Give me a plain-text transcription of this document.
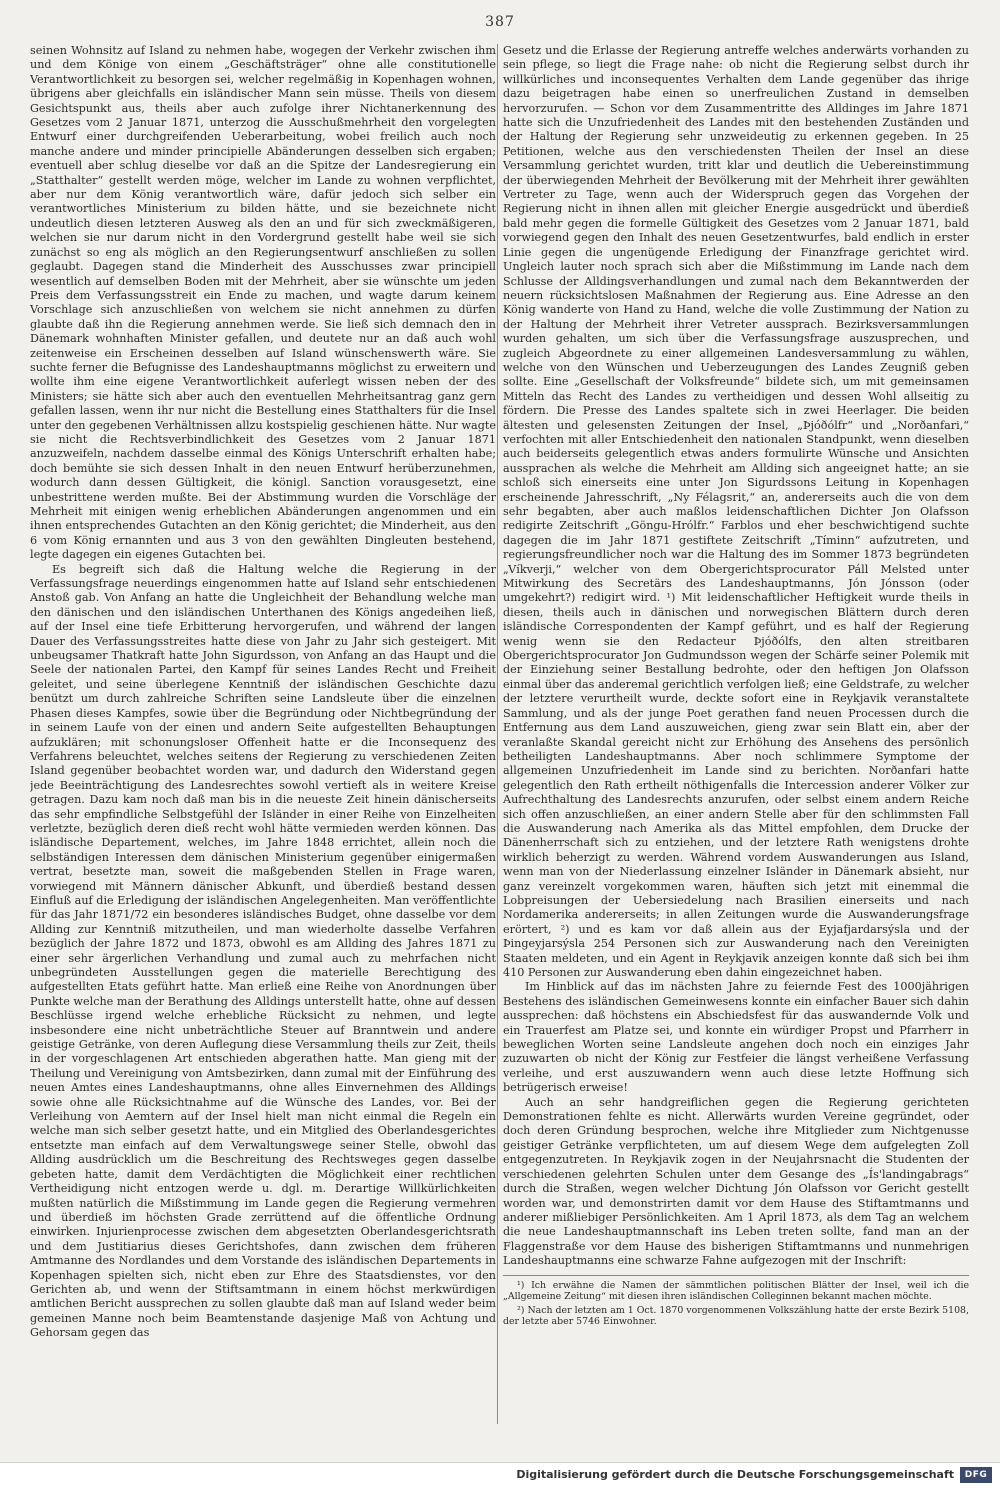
387

seinen Wohnsitz auf Island zu nehmen habe, wogegen der Verkehr zwischen ihm und dem Könige von einem „Geschäftsträger“ ohne alle constitutionelle Verantwortlichkeit zu besorgen sei, welcher regelmäßig in Kopenhagen wohnen, übrigens aber gleichfalls ein isländischer Mann sein müsse. Theils von diesem Gesichtspunkt aus, theils aber auch zufolge ihrer Nichtanerkennung des Gesetzes vom 2 Januar 1871, unterzog die Ausschußmehrheit den vorgelegten Entwurf einer durchgreifenden Ueberarbeitung, wobei freilich auch noch manche andere und minder principielle Abänderungen desselben sich ergaben; eventuell aber schlug dieselbe vor daß an die Spitze der Landesregierung ein „Statthalter“ gestellt werden möge, welcher im Lande zu wohnen verpflichtet, aber nur dem König verantwortlich wäre, dafür jedoch sich selber ein verantwortliches Ministerium zu bilden hätte, und sie bezeichnete nicht undeutlich diesen letzteren Ausweg als den an und für sich zweckmäßigeren, welchen sie nur darum nicht in den Vordergrund gestellt habe weil sie sich zunächst so eng als möglich an den Regierungsentwurf anschließen zu sollen geglaubt. Dagegen stand die Minderheit des Ausschusses zwar principiell wesentlich auf demselben Boden mit der Mehrheit, aber sie wünschte um jeden Preis dem Verfassungsstreit ein Ende zu machen, und wagte darum keinem Vorschlage sich anzuschließen von welchem sie nicht annehmen zu dürfen glaubte daß ihn die Regierung annehmen werde. Sie ließ sich demnach den in Dänemark wohnhaften Minister gefallen, und deutete nur an daß auch wohl zeitenweise ein Erscheinen desselben auf Island wünschenswerth wäre. Sie suchte ferner die Befugnisse des Landeshauptmanns möglichst zu erweitern und wollte ihm eine eigene Verantwortlichkeit auferlegt wissen neben der des Ministers; sie hätte sich aber auch den eventuellen Mehrheitsantrag ganz gern gefallen lassen, wenn ihr nur nicht die Bestellung eines Statthalters für die Insel unter den gegebenen Verhältnissen allzu kostspielig geschienen hätte. Nur wagte sie nicht die Rechtsverbindlichkeit des Gesetzes vom 2 Januar 1871 anzuzweifeln, nachdem dasselbe einmal des Königs Unterschrift erhalten habe; doch bemühte sie sich dessen Inhalt in den neuen Entwurf herüberzunehmen, wodurch dann dessen Gültigkeit, die königl. Sanction vorausgesetzt, eine unbestrittene werden mußte. Bei der Abstimmung wurden die Vorschläge der Mehrheit mit einigen wenig erheblichen Abänderungen angenommen und ein ihnen entsprechendes Gutachten an den König gerichtet; die Minderheit, aus den 6 vom König ernannten und aus 3 von den gewählten Dingleuten bestehend, legte dagegen ein eigenes Gutachten bei.

Es begreift sich daß die Haltung welche die Regierung in der Verfassungsfrage neuerdings eingenommen hatte auf Island sehr entschiedenen Anstoß gab. Von Anfang an hatte die Ungleichheit der Behandlung welche man den dänischen und den isländischen Unterthanen des Königs angedeihen ließ, auf der Insel eine tiefe Erbitterung hervorgerufen, und während der langen Dauer des Verfassungsstreites hatte diese von Jahr zu Jahr sich gesteigert. Mit unbeugsamer Thatkraft hatte John Sigurdsson, von Anfang an das Haupt und die Seele der nationalen Partei, den Kampf für seines Landes Recht und Freiheit geleitet, und seine überlegene Kenntniß der isländischen Geschichte dazu benützt um durch zahlreiche Schriften seine Landsleute über die einzelnen Phasen dieses Kampfes, sowie über die Begründung oder Nichtbegründung der in seinem Laufe von der einen und andern Seite aufgestellten Behauptungen aufzuklären; mit schonungsloser Offenheit hatte er die Inconsequenz des Verfahrens beleuchtet, welches seitens der Regierung zu verschiedenen Zeiten Island gegenüber beobachtet worden war, und dadurch den Widerstand gegen jede Beeinträchtigung des Landesrechtes sowohl vertieft als in weitere Kreise getragen. Dazu kam noch daß man bis in die neueste Zeit hinein dänischerseits das sehr empfindliche Selbstgefühl der Isländer in einer Reihe von Einzelheiten verletzte, bezüglich deren dieß recht wohl hätte vermieden werden können. Das isländische Departement, welches, im Jahre 1848 errichtet, allein noch die selbständigen Interessen dem dänischen Ministerium gegenüber einigermaßen vertrat, besetzte man, soweit die maßgebenden Stellen in Frage waren, vorwiegend mit Männern dänischer Abkunft, und überdieß bestand dessen Einfluß auf die Erledigung der isländischen Angelegenheiten. Man veröffentlichte für das Jahr 1871/72 ein besonderes isländisches Budget, ohne dasselbe vor dem Allding zur Kenntniß mitzutheilen, und man wiederholte dasselbe Verfahren bezüglich der Jahre 1872 und 1873, obwohl es am Allding des Jahres 1871 zu einer sehr ärgerlichen Verhandlung und zumal auch zu mehrfachen nicht unbegründeten Ausstellungen gegen die materielle Berechtigung des aufgestellten Etats geführt hatte. Man erließ eine Reihe von Anordnungen über Punkte welche man der Berathung des Alldings unterstellt hatte, ohne auf dessen Beschlüsse irgend welche erhebliche Rücksicht zu nehmen, und legte insbesondere eine nicht unbeträchtliche Steuer auf Branntwein und andere geistige Getränke, von deren Auflegung diese Versammlung theils zur Zeit, theils in der vorgeschlagenen Art entschieden abgerathen hatte. Man gieng mit der Theilung und Vereinigung von Amtsbezirken, dann zumal mit der Einführung des neuen Amtes eines Landeshauptmanns, ohne alles Einvernehmen des Alldings sowie ohne alle Rücksichtnahme auf die Wünsche des Landes, vor. Bei der Verleihung von Aemtern auf der Insel hielt man nicht einmal die Regeln ein welche man sich selber gesetzt hatte, und ein Mitglied des Oberlandesgerichtes entsetzte man einfach auf dem Verwaltungswege seiner Stelle, obwohl das Allding ausdrücklich um die Beschreitung des Rechtsweges gegen dasselbe gebeten hatte, damit dem Verdächtigten die Möglichkeit einer rechtlichen Vertheidigung nicht entzogen werde u. dgl. m. Derartige Willkürlichkeiten mußten natürlich die Mißstimmung im Lande gegen die Regierung vermehren und überdieß im höchsten Grade zerrüttend auf die öffentliche Ordnung einwirken. Injurienprocesse zwischen dem abgesetzten Oberlandesgerichtsrath und dem Justitiarius dieses Gerichtshofes, dann zwischen dem früheren Amtmanne des Nordlandes und dem Vorstande des isländischen Departements in Kopenhagen spielten sich, nicht eben zur Ehre des Staatsdienstes, vor den Gerichten ab, und wenn der Stiftsamtmann in einem höchst merkwürdigen amtlichen Bericht aussprechen zu sollen glaubte daß man auf Island weder beim gemeinen Manne noch beim Beamtenstande dasjenige Maß von Achtung und Gehorsam gegen das

Gesetz und die Erlasse der Regierung antreffe welches anderwärts vorhanden zu sein pflege, so liegt die Frage nahe: ob nicht die Regierung selbst durch ihr willkürliches und inconsequentes Verhalten dem Lande gegenüber das ihrige dazu beigetragen habe einen so unerfreulichen Zustand in demselben hervorzurufen. — Schon vor dem Zusammentritte des Alldinges im Jahre 1871 hatte sich die Unzufriedenheit des Landes mit den bestehenden Zuständen und der Haltung der Regierung sehr unzweideutig zu erkennen gegeben. In 25 Petitionen, welche aus den verschiedensten Theilen der Insel an diese Versammlung gerichtet wurden, tritt klar und deutlich die Uebereinstimmung der überwiegenden Mehrheit der Bevölkerung mit der Mehrheit ihrer gewählten Vertreter zu Tage, wenn auch der Widerspruch gegen das Vorgehen der Regierung nicht in ihnen allen mit gleicher Energie ausgedrückt und überdieß bald mehr gegen die formelle Gültigkeit des Gesetzes vom 2 Januar 1871, bald vorwiegend gegen den Inhalt des neuen Gesetzentwurfes, bald endlich in erster Linie gegen die ungenügende Erledigung der Finanzfrage gerichtet wird. Ungleich lauter noch sprach sich aber die Mißstimmung im Lande nach dem Schlusse der Alldingsverhandlungen und zumal nach dem Bekanntwerden der neuern rücksichtslosen Maßnahmen der Regierung aus. Eine Adresse an den König wanderte von Hand zu Hand, welche die volle Zustimmung der Nation zu der Haltung der Mehrheit ihrer Vetreter aussprach. Bezirksversammlungen wurden gehalten, um sich über die Verfassungsfrage auszusprechen, und zugleich Abgeordnete zu einer allgemeinen Landesversammlung zu wählen, welche von den Wünschen und Ueberzeugungen des Landes Zeugniß geben sollte. Eine „Gesellschaft der Volksfreunde“ bildete sich, um mit gemeinsamen Mitteln das Recht des Landes zu vertheidigen und dessen Wohl allseitig zu fördern. Die Presse des Landes spaltete sich in zwei Heerlager. Die beiden ältesten und gelesensten Zeitungen der Insel, „Þjóðólfr“ und „Norðanfari,“ verfochten mit aller Entschiedenheit den nationalen Standpunkt, wenn dieselben auch beiderseits gelegentlich etwas anders formulirte Wünsche und Ansichten aussprachen als welche die Mehrheit am Allding sich angeeignet hatte; an sie schloß sich einerseits eine unter Jon Sigurdssons Leitung in Kopenhagen erscheinende Jahresschrift, „Ny Félagsrit,“ an, andererseits auch die von dem sehr begabten, aber auch maßlos leidenschaftlichen Dichter Jon Olafsson redigirte Zeitschrift „Göngu-Hrólfr.“ Farblos und eher beschwichtigend suchte dagegen die im Jahr 1871 gestiftete Zeitschrift „Tíminn“ aufzutreten, und regierungsfreundlicher noch war die Haltung des im Sommer 1873 begründeten „Víkverji,“ welcher von dem Obergerichtsprocurator Páll Melsted unter Mitwirkung des Secretärs des Landeshauptmanns, Jón Jónsson (oder umgekehrt?) redigirt wird. ¹) Mit leidenschaftlicher Heftigkeit wurde theils in diesen, theils auch in dänischen und norwegischen Blättern durch deren isländische Correspondenten der Kampf geführt, und es half der Regierung wenig wenn sie den Redacteur Þjóðólfs, den alten streitbaren Obergerichtsprocurator Jon Gudmundsson wegen der Schärfe seiner Polemik mit der Einziehung seiner Bestallung bedrohte, oder den heftigen Jon Olafsson einmal über das anderemal gerichtlich verfolgen ließ; eine Geldstrafe, zu welcher der letztere verurtheilt wurde, deckte sofort eine in Reykjavik veranstaltete Sammlung, und als der junge Poet gerathen fand neuen Processen durch die Entfernung aus dem Land auszuweichen, gieng zwar sein Blatt ein, aber der veranlaßte Skandal gereicht nicht zur Erhöhung des Ansehens des persönlich betheiligten Landeshauptmanns. Aber noch schlimmere Symptome der allgemeinen Unzufriedenheit im Lande sind zu berichten. Norðanfari hatte gelegentlich den Rath ertheilt nöthigenfalls die Intercession anderer Völker zur Aufrechthaltung des Landesrechts anzurufen, oder selbst einem andern Reiche sich offen anzuschließen, an einer andern Stelle aber für den schlimmsten Fall die Auswanderung nach Amerika als das Mittel empfohlen, dem Drucke der Dänenherrschaft sich zu entziehen, und der letztere Rath wenigstens drohte wirklich beherzigt zu werden. Während vordem Auswanderungen aus Island, wenn man von der Niederlassung einzelner Isländer in Dänemark absieht, nur ganz vereinzelt vorgekommen waren, häuften sich jetzt mit einemmal die Lobpreisungen der Uebersiedelung nach Brasilien einerseits und nach Nordamerika andererseits; in allen Zeitungen wurde die Auswanderungsfrage erörtert, ²) und es kam vor daß allein aus der Eyjafjardarsýsla und der Þingeyjarsýsla 254 Personen sich zur Auswanderung nach den Vereinigten Staaten meldeten, und ein Agent in Reykjavik anzeigen konnte daß sich bei ihm 410 Personen zur Auswanderung eben dahin eingezeichnet haben.

Im Hinblick auf das im nächsten Jahre zu feiernde Fest des 1000jährigen Bestehens des isländischen Gemeinwesens konnte ein einfacher Bauer sich dahin aussprechen: daß höchstens ein Abschiedsfest für das auswandernde Volk und ein Trauerfest am Platze sei, und konnte ein würdiger Propst und Pfarrherr in beweglichen Worten seine Landsleute angehen doch noch ein einziges Jahr zuzuwarten ob nicht der König zur Festfeier die längst verheißene Verfassung verleihe, und erst auszuwandern wenn auch diese letzte Hoffnung sich betrügerisch erweise!

Auch an sehr handgreiflichen gegen die Regierung gerichteten Demonstrationen fehlte es nicht. Allerwärts wurden Vereine gegründet, oder doch deren Gründung besprochen, welche ihre Mitglieder zum Nichtgenusse geistiger Getränke verpflichteten, um auf diesem Wege dem aufgelegten Zoll entgegenzutreten. In Reykjavik zogen in der Neujahrsnacht die Studenten der verschiedenen gelehrten Schulen unter dem Gesange des „Ís'landingabrags“ durch die Straßen, wegen welcher Dichtung Jón Olafsson vor Gericht gestellt worden war, und demonstrirten damit vor dem Hause des Stiftamtmanns und anderer mißliebiger Persönlichkeiten. Am 1 April 1873, als dem Tag an welchem die neue Landeshauptmannschaft ins Leben treten sollte, fand man an der Flaggenstraße vor dem Hause des bisherigen Stiftamtmanns und nunmehrigen Landeshauptmanns eine schwarze Fahne aufgezogen mit der Inschrift:

¹) Ich erwähne die Namen der sämmtlichen politischen Blätter der Insel, weil ich die „Allgemeine Zeitung“ mit diesen ihren isländischen Colleginnen bekannt machen möchte.

²) Nach der letzten am 1 Oct. 1870 vorgenommenen Volkszählung hatte der erste Bezirk 5108, der letzte aber 5746 Einwohner.

Digitalisierung gefördert durch die Deutsche Forschungsgemeinschaft	DFG
